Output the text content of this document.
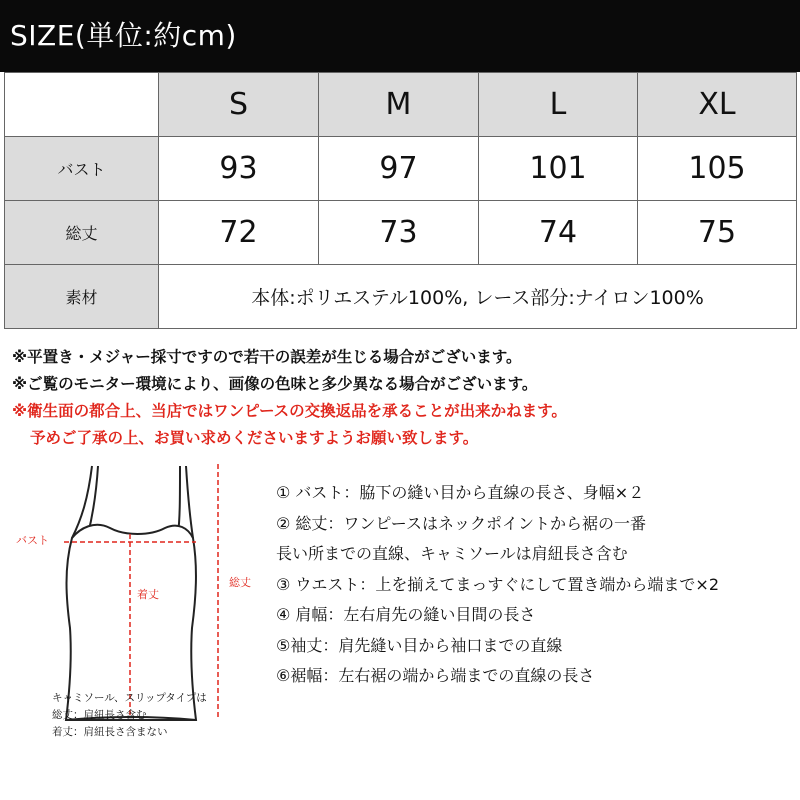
SIZE(単位:約cm)
	S	M	L	XL
バスト	93	97	101	105
総丈	72	73	74	75
素材	本体:ポリエステル100%, レース部分:ナイロン100%			
※平置き・メジャー採寸ですので若干の誤差が生じる場合がございます。
※ご覧のモニター環境により、画像の色味と多少異なる場合がございます。
※衛生面の都合上、当店ではワンピースの交換返品を承ることが出来かねます。
予めご了承の上、お買い求めくださいますようお願い致します。
バスト
着丈
総丈
キャミソール、スリップタイプは
総丈：肩紐長さ含む
着丈：肩紐長さ含まない
① バスト：脇下の縫い目から直線の長さ、身幅×２
② 総丈：ワンピースはネックポイントから裾の一番
長い所までの直線、キャミソールは肩紐長さ含む
③ ウエスト：上を揃えてまっすぐにして置き端から端まで×2
④ 肩幅：左右肩先の縫い目間の長さ
⑤袖丈：肩先縫い目から袖口までの直線
⑥裾幅：左右裾の端から端までの直線の長さ
